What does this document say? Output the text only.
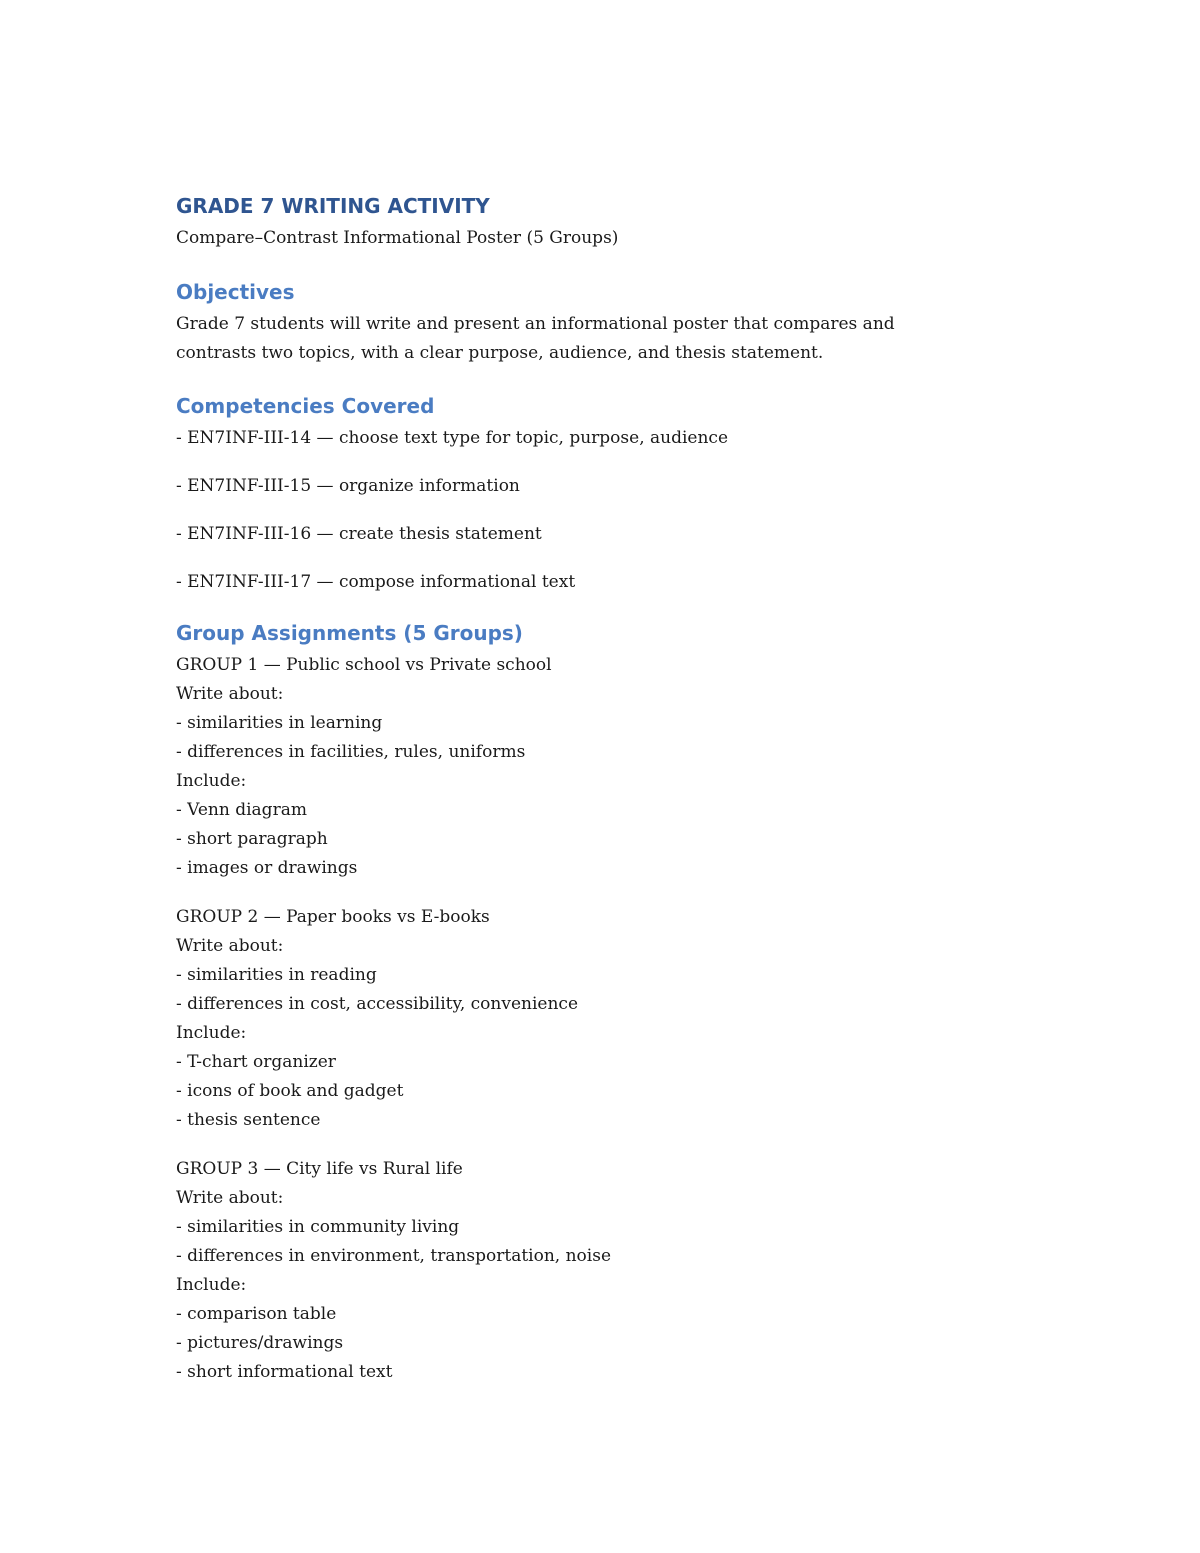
GRADE 7 WRITING ACTIVITY
Compare–Contrast Informational Poster (5 Groups)
Objectives
Grade 7 students will write and present an informational poster that compares and
contrasts two topics, with a clear purpose, audience, and thesis statement.
Competencies Covered
- EN7INF-III-14 — choose text type for topic, purpose, audience
- EN7INF-III-15 — organize information
- EN7INF-III-16 — create thesis statement
- EN7INF-III-17 — compose informational text
Group Assignments (5 Groups)
GROUP 1 — Public school vs Private school
Write about:
- similarities in learning
- differences in facilities, rules, uniforms
Include:
- Venn diagram
- short paragraph
- images or drawings
GROUP 2 — Paper books vs E-books
Write about:
- similarities in reading
- differences in cost, accessibility, convenience
Include:
- T-chart organizer
- icons of book and gadget
- thesis sentence
GROUP 3 — City life vs Rural life
Write about:
- similarities in community living
- differences in environment, transportation, noise
Include:
- comparison table
- pictures/drawings
- short informational text
